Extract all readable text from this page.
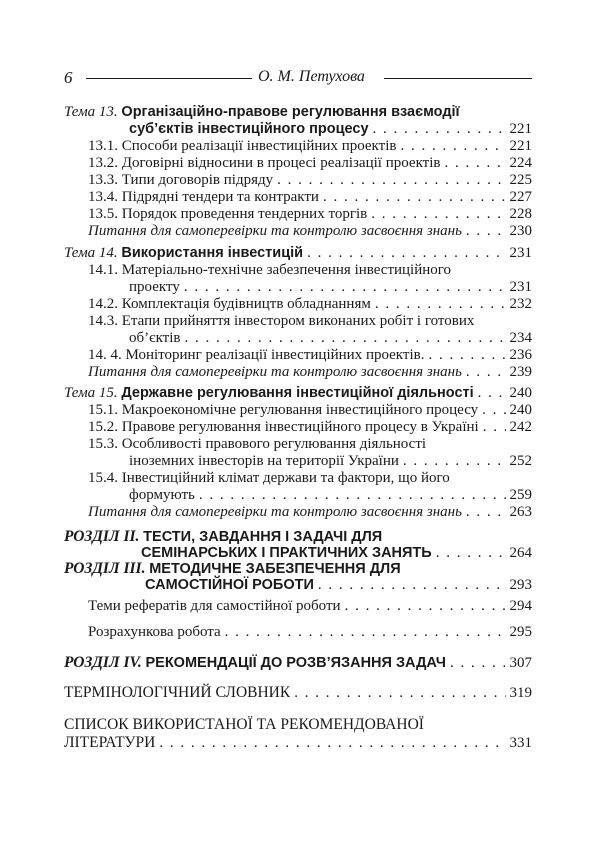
6	О. М. Петухова
Тема 13. Організаційно-правове регулювання взаємодії
суб’єктів інвестиційного процесу . . .	221
13.1. Способи реалізації інвестиційних проектів . . .	221
13.2. Договірні відносини в процесі реалізації проектів . . .	224
13.3. Типи договорів підряду . . .	225
13.4. Підрядні тендери та контракти . . .	227
13.5. Порядок проведення тендерних торгів . . .	228
Питання для самоперевірки та контролю засвоєння знань . . .	230
Тема 14. Використання інвестицій . . .	231
14.1. Матеріально-технічне забезпечення інвестиційного
проекту . . .	231
14.2. Комплектація будівництв обладнанням . . .	232
14.3. Етапи прийняття інвестором виконаних робіт і готових
об’єктів . . .	234
14. 4. Моніторинг реалізації інвестиційних проектів. . . .	236
Питання для самоперевірки та контролю засвоєння знань . . .	239
Тема 15. Державне регулювання інвестиційної діяльності . . . 240
15.1. Макроекономічне регулювання інвестиційного процесу . . . 240
15.2. Правове регулювання інвестиційного процесу в Україні . . . 242
15.3. Особливості правового регулювання діяльності
іноземних інвесторів на території України . . .	252
15.4. Інвестиційний клімат держави та фактори, що його
формують . . .	259
Питання для самоперевірки та контролю засвоєння знань . . .	263
РОЗДІЛ ІІ. ТЕСТИ, ЗАВДАННЯ І ЗАДАЧІ ДЛЯ
СЕМІНАРСЬКИХ І ПРАКТИЧНИХ ЗАНЯТЬ . . .	264
РОЗДІЛ ІІІ. МЕТОДИЧНЕ ЗАБЕЗПЕЧЕННЯ ДЛЯ
САМОСТІЙНОЇ РОБОТИ . . .	293
Теми рефератів для самостійної роботи . . .	294
Розрахункова робота . . .	295
РОЗДІЛ IV. РЕКОМЕНДАЦІЇ ДО РОЗВ’ЯЗАННЯ ЗАДАЧ . . .	307
ТЕРМІНОЛОГІЧНИЙ СЛОВНИК . . .	319
СПИСОК ВИКОРИСТАНОЇ ТА РЕКОМЕНДОВАНОЇ
ЛІТЕРАТУРИ . . .	331
